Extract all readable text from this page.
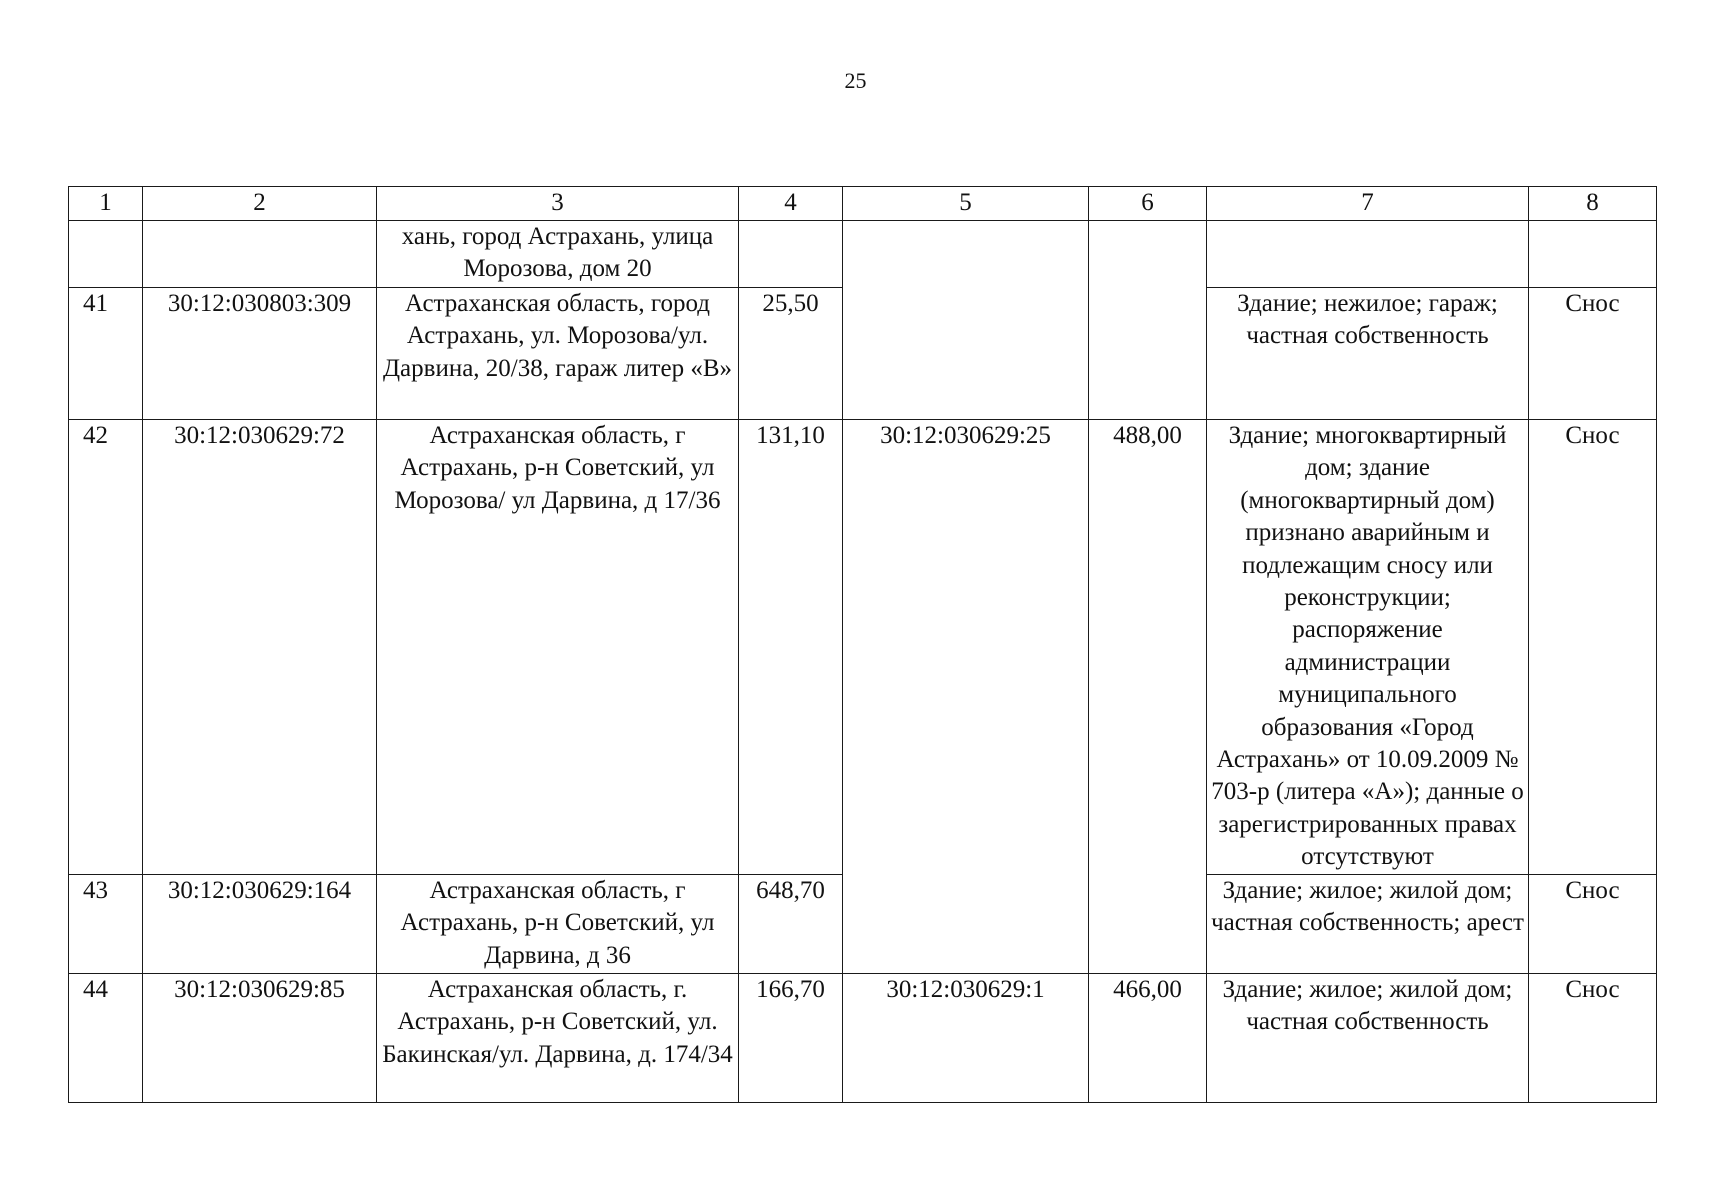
25
1	2	3	4	5	6	7	8
		хань, город Астрахань, улица Морозова, дом 20					
41	30:12:030803:309	Астраханская область, город Астрахань, ул. Морозова/ул. Дарвина, 20/38, гараж литер «В»	25,50			Здание; нежилое; гараж; частная собственность	Снос
42	30:12:030629:72	Астраханская область, г Астрахань, р-н Советский, ул Морозова/ ул Дарвина, д 17/36	131,10	30:12:030629:25	488,00	Здание; многоквартирный дом; здание (многоквартирный дом) признано аварийным и подлежащим сносу или реконструкции; распоряжение администрации муниципального образования «Город Астрахань» от 10.09.2009 № 703-р (литера «А»); данные о зарегистрированных правах отсутствуют	Снос
43	30:12:030629:164	Астраханская область, г Астрахань, р-н Советский, ул Дарвина, д 36	648,70			Здание; жилое; жилой дом; частная собственность; арест	Снос
44	30:12:030629:85	Астраханская область, г. Астрахань, р-н Советский, ул. Бакинская/ул. Дарвина, д. 174/34	166,70	30:12:030629:1	466,00	Здание; жилое; жилой дом; частная собственность	Снос
